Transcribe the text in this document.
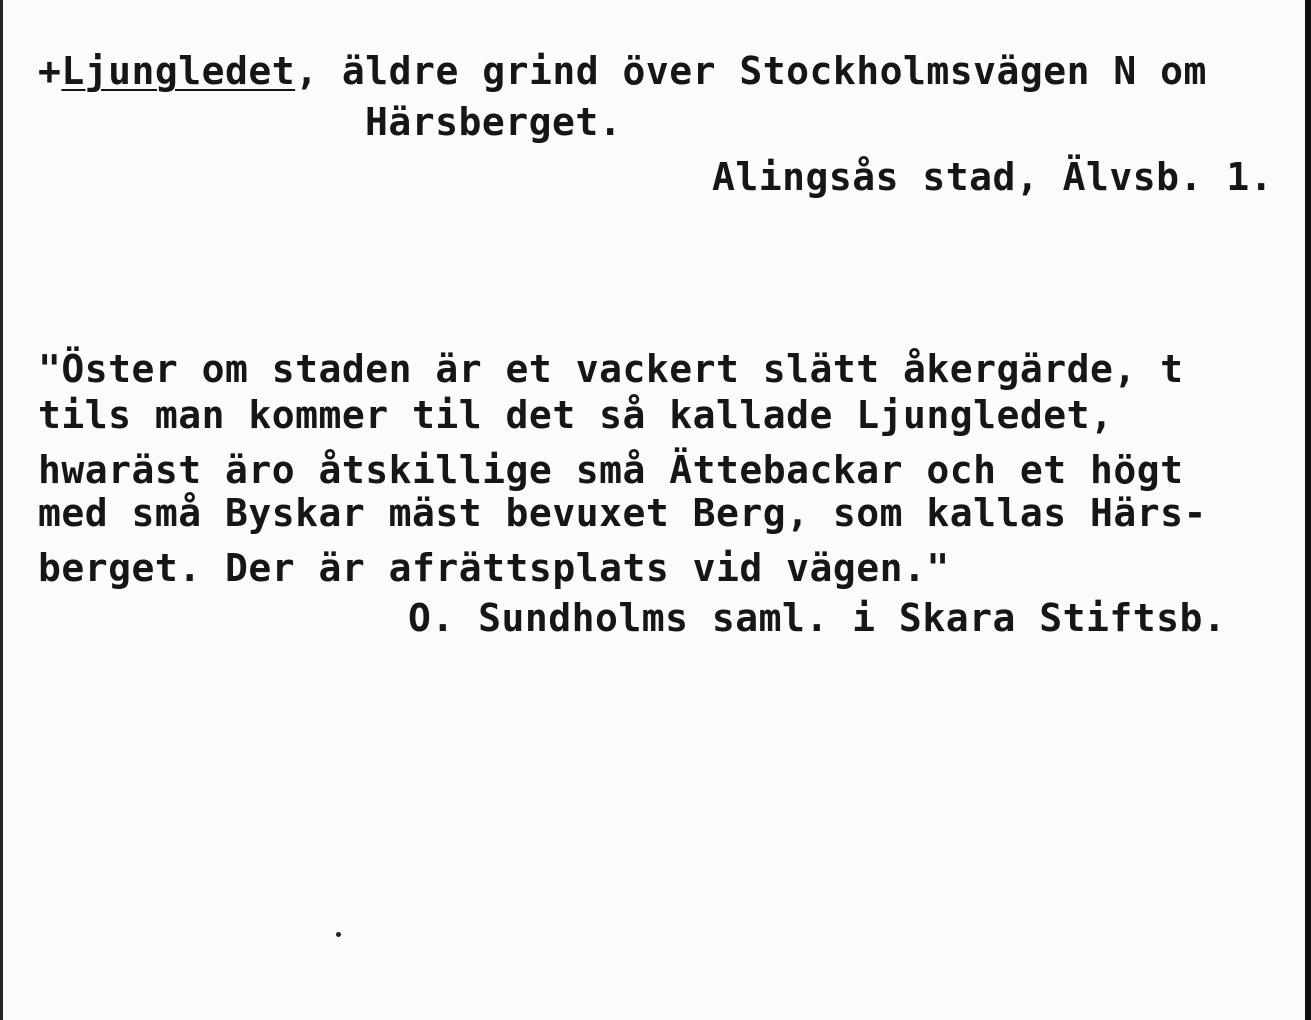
+Ljungledet, äldre grind över Stockholmsvägen N om
Härsberget.
Alingsås stad, Älvsb. 1.
"Öster om staden är et vackert slätt åkergärde, t
tils man kommer til det så kallade Ljungledet,
hwaräst äro åtskillige små Ättebackar och et högt
med små Byskar mäst bevuxet Berg, som kallas Härs-
berget. Der är afrättsplats vid vägen."
O. Sundholms saml. i Skara Stiftsb.
